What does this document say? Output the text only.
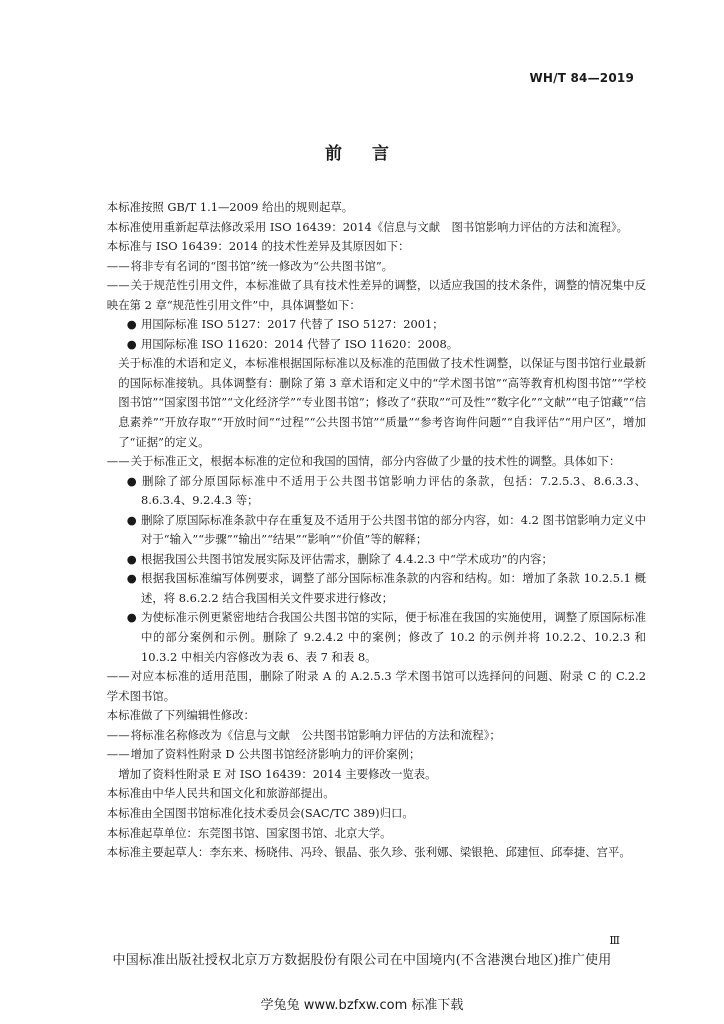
WH/T 84—2019
前言

本标准按照 GB/T 1.1—2009 给出的规则起草。

本标准使用重新起草法修改采用 ISO 16439：2014《信息与文献　图书馆影响力评估的方法和流程》。

本标准与 ISO 16439：2014 的技术性差异及其原因如下：

——将非专有名词的“图书馆”统一修改为“公共图书馆”。

——关于规范性引用文件，本标准做了具有技术性差异的调整，以适应我国的技术条件，调整的情况集中反映在第 2 章“规范性引用文件”中，具体调整如下：

● 用国际标准 ISO 5127：2017 代替了 ISO 5127：2001；

● 用国际标准 ISO 11620：2014 代替了 ISO 11620：2008。

关于标准的术语和定义，本标准根据国际标准以及标准的范围做了技术性调整，以保证与图书馆行业最新的国际标准接轨。具体调整有：删除了第 3 章术语和定义中的“学术图书馆”“高等教育机构图书馆”“学校图书馆”“国家图书馆”“文化经济学”“专业图书馆”；修改了“获取”“可及性”“数字化”“文献”“电子馆藏”“信息素养”“开放存取”“开放时间”“过程”“公共图书馆”“质量”“参考咨询件问题”“自我评估”“用户区”，增加了“证据”的定义。

——关于标准正文，根据本标准的定位和我国的国情，部分内容做了少量的技术性的调整。具体如下：

● 删除了部分原国际标准中不适用于公共图书馆影响力评估的条款，包括：7.2.5.3、8.6.3.3、8.6.3.4、9.2.4.3 等；

● 删除了原国际标准条款中存在重复及不适用于公共图书馆的部分内容，如：4.2 图书馆影响力定义中对于“输入”“步骤”“输出”“结果”“影响”“价值”等的解释；

● 根据我国公共图书馆发展实际及评估需求，删除了 4.4.2.3 中“学术成功”的内容；

● 根据我国标准编写体例要求，调整了部分国际标准条款的内容和结构。如：增加了条款 10.2.5.1 概述，将 8.6.2.2 结合我国相关文件要求进行修改；

● 为使标准示例更紧密地结合我国公共图书馆的实际，便于标准在我国的实施使用，调整了原国际标准中的部分案例和示例。删除了 9.2.4.2 中的案例；修改了 10.2 的示例并将 10.2.2、10.2.3 和 10.3.2 中相关内容修改为表 6、表 7 和表 8。

——对应本标准的适用范围，删除了附录 A 的 A.2.5.3 学术图书馆可以选择问的问题、附录 C 的 C.2.2 学术图书馆。

本标准做了下列编辑性修改：

——将标准名称修改为《信息与文献　公共图书馆影响力评估的方法和流程》；

——增加了资料性附录 D 公共图书馆经济影响力的评价案例；

增加了资料性附录 E 对 ISO 16439：2014 主要修改一览表。

本标准由中华人民共和国文化和旅游部提出。

本标准由全国图书馆标准化技术委员会(SAC/TC 389)归口。

本标准起草单位：东莞图书馆、国家图书馆、北京大学。

本标准主要起草人：李东来、杨晓伟、冯玲、银晶、张久珍、张利娜、梁银艳、邱建恒、邱奉捷、宫平。

Ⅲ
中国标准出版社授权北京万方数据股份有限公司在中国境内(不含港澳台地区)推广使用
学兔兔 www.bzfxw.com 标准下载
